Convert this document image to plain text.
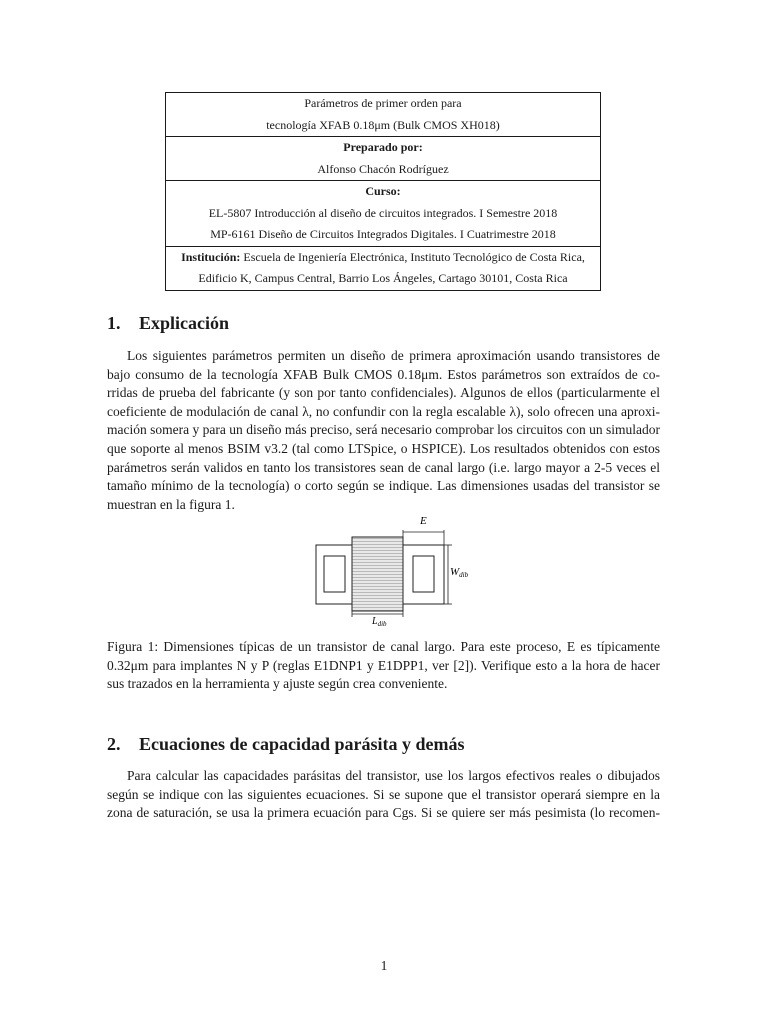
Parámetros de primer orden para
tecnología XFAB 0.18μm (Bulk CMOS XH018)
Preparado por:
Alfonso Chacón Rodríguez
Curso:
EL-5807 Introducción al diseño de circuitos integrados. I Semestre 2018
MP-6161 Diseño de Circuitos Integrados Digitales. I Cuatrimestre 2018
Institución: Escuela de Ingeniería Electrónica, Instituto Tecnológico de Costa Rica,
Edificio K, Campus Central, Barrio Los Ángeles, Cartago 30101, Costa Rica
1. Explicación
Los siguientes parámetros permiten un diseño de primera aproximación usando transistores de
bajo consumo de la tecnología XFAB Bulk CMOS 0.18μm. Estos parámetros son extraídos de co-
rridas de prueba del fabricante (y son por tanto confidenciales). Algunos de ellos (particularmente el
coeficiente de modulación de canal λ, no confundir con la regla escalable λ), solo ofrecen una aproxi-
mación somera y para un diseño más preciso, será necesario comprobar los circuitos con un simulador
que soporte al menos BSIM v3.2 (tal como LTSpice, o HSPICE). Los resultados obtenidos con estos
parámetros serán validos en tanto los transistores sean de canal largo (i.e. largo mayor a 2-5 veces el
tamaño mínimo de la tecnología) o corto según se indique. Las dimensiones usadas del transistor se
muestran en la figura 1.
E
Wdib
$L_{dib}$
Figura 1: Dimensiones típicas de un transistor de canal largo. Para este proceso, E es típicamente
0.32μm para implantes N y P (reglas E1DNP1 y E1DPP1, ver [2]). Verifique esto a la hora de hacer
sus trazados en la herramienta y ajuste según crea conveniente.
2. Ecuaciones de capacidad parásita y demás
Para calcular las capacidades parásitas del transistor, use los largos efectivos reales o dibujados
según se indique con las siguientes ecuaciones. Si se supone que el transistor operará siempre en la
zona de saturación, se usa la primera ecuación para Cgs. Si se quiere ser más pesimista (lo recomen-
1
